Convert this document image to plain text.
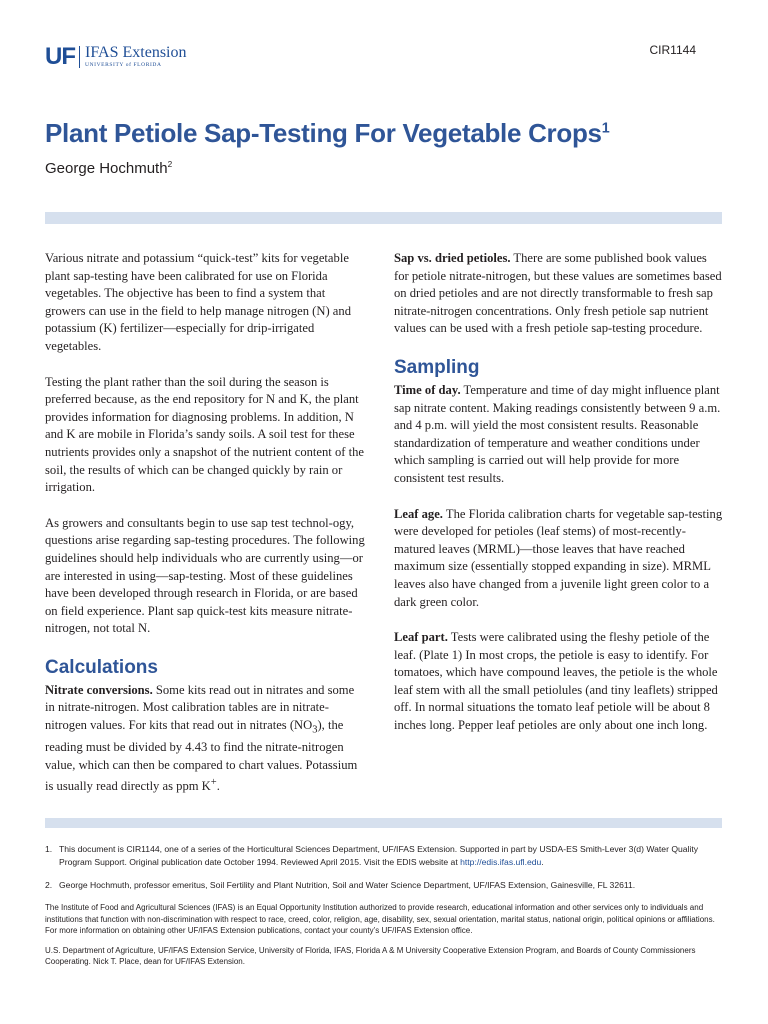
UF IFAS Extension
UNIVERSITY of FLORIDA
CIR1144
Plant Petiole Sap-Testing For Vegetable Crops$^1$
George Hochmuth$^2$

Various nitrate and potassium “quick-test” kits for vegetable plant sap-testing have been calibrated for use on Florida vegetables. The objective has been to find a system that growers can use in the field to help manage nitrogen (N) and potassium (K) fertilizer—especially for drip-irrigated vegetables.

Testing the plant rather than the soil during the season is preferred because, as the end repository for N and K, the plant provides information for diagnosing problems. In addition, N and K are mobile in Florida’s sandy soils. A soil test for these nutrients provides only a snapshot of the nutrient content of the soil, the results of which can be changed quickly by rain or irrigation.

As growers and consultants begin to use sap test technol-ogy, questions arise regarding sap-testing procedures. The following guidelines should help individuals who are currently using—or are interested in using—sap-testing. Most of these guidelines have been developed through research in Florida, or are based on field experience. Plant sap quick-test kits measure nitrate-nitrogen, not total N.

Calculations

Nitrate conversions. Some kits read out in nitrates and some in nitrate-nitrogen. Most calibration tables are in nitrate-nitrogen values. For kits that read out in nitrates $(NO_3)$, the reading must be divided by 4.43 to find the nitrate-nitrogen value, which can then be compared to chart values. Potassium is usually read directly as ppm K+.

Sap vs. dried petioles. There are some published book values for petiole nitrate-nitrogen, but these values are sometimes based on dried petioles and are not directly transformable to fresh sap nitrate-nitrogen concentrations. Only fresh petiole sap nutrient values can be used with a fresh petiole sap-testing procedure.

Sampling

Time of day. Temperature and time of day might influence plant sap nitrate content. Making readings consistently between 9 a.m. and 4 p.m. will yield the most consistent results. Reasonable standardization of temperature and weather conditions under which sampling is carried out will help provide for more consistent test results.

Leaf age. The Florida calibration charts for vegetable sap-testing were developed for petioles (leaf stems) of most-recently-matured leaves (MRML)—those leaves that have reached maximum size (essentially stopped expanding in size). MRML leaves also have changed from a juvenile light green color to a dark green color.

Leaf part. Tests were calibrated using the fleshy petiole of the leaf. (Plate 1) In most crops, the petiole is easy to identify. For tomatoes, which have compound leaves, the petiole is the whole leaf stem with all the small petiolules (and tiny leaflets) stripped off. In normal situations the tomato leaf petiole will be about 8 inches long. Pepper leaf petioles are only about one inch long.

1. This document is CIR1144, one of a series of the Horticultural Sciences Department, UF/IFAS Extension. Supported in part by USDA-ES Smith-Lever 3(d) Water Quality Program Support. Original publication date October 1994. Reviewed April 2015. Visit the EDIS website at http://edis.ifas.ufl.edu.
2. George Hochmuth, professor emeritus, Soil Fertility and Plant Nutrition, Soil and Water Science Department, UF/IFAS Extension, Gainesville, FL 32611.
The Institute of Food and Agricultural Sciences (IFAS) is an Equal Opportunity Institution authorized to provide research, educational information and other services only to individuals and institutions that function with non-discrimination with respect to race, creed, color, religion, age, disability, sex, sexual orientation, marital status, national origin, political opinions or affiliations. For more information on obtaining other UF/IFAS Extension publications, contact your county’s UF/IFAS Extension office.
U.S. Department of Agriculture, UF/IFAS Extension Service, University of Florida, IFAS, Florida A & M University Cooperative Extension Program, and Boards of County Commissioners Cooperating. Nick T. Place, dean for UF/IFAS Extension.
